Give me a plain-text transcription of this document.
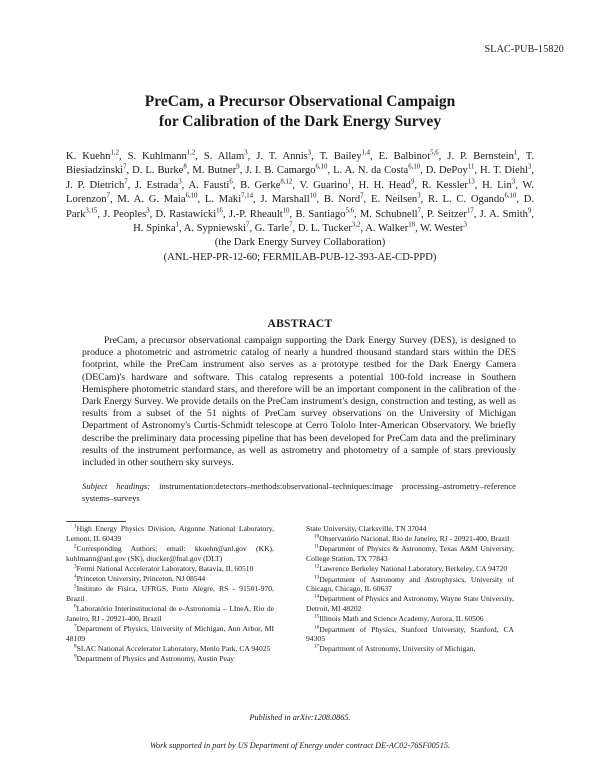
SLAC-PUB-15820
PreCam, a Precursor Observational Campaign
for Calibration of the Dark Energy Survey
K. Kuehn$^{1,2}$, S. Kuhlmann$^{1,2}$, S. Allam$^3$, J. T. Annis$^3$, T. Bailey$^{1,4}$, E. Balbinot$^{5,6}$, J. P. Bernstein$^1$, T. Biesiadzinski$^7$, D. L. Burke$^8$, M. Butner$^9$, J. I. B. Camargo$^{6,10}$, L. A. N. da Costa$^{6,10}$, D. DePoy$^{11}$, H. T. Diehl$^3$, J. P. Dietrich$^7$, J. Estrada$^3$, A. Fausti$^6$, B. Gerke$^{8,12}$, V. Guarino$^1$, H. H. Head$^9$, R. Kessler$^{13}$, H. Lin$^3$, W. Lorenzon$^7$, M. A. G. Maia$^{6,10}$, L. Maki$^{7,14}$, J. Marshall$^{10}$, B. Nord$^7$, E. Neilsen$^3$, R. L. C. Ogando$^{6,10}$, D. Park$^{3,15}$, J. Peoples$^3$, D. Rastawicki$^{16}$, J.-P. Rheault$^{10}$, B. Santiago$^{5,6}$, M. Schubnell$^7$, P. Seitzer$^{17}$, J. A. Smith$^9$, H. Spinka$^1$, A. Sypniewski$^7$, G. Tarle$^7$, D. L. Tucker$^{3,2}$, A. Walker$^{18}$, W. Wester$^3$
(the Dark Energy Survey Collaboration)
(ANL-HEP-PR-12-60; FERMILAB-PUB-12-393-AE-CD-PPD)
ABSTRACT
PreCam, a precursor observational campaign supporting the Dark Energy Survey (DES), is designed to produce a photometric and astrometric catalog of nearly a hundred thousand standard stars within the DES footprint, while the PreCam instrument also serves as a prototype testbed for the Dark Energy Camera (DECam)'s hardware and software. This catalog represents a potential 100-fold increase in Southern Hemisphere photometric standard stars, and therefore will be an important component in the calibration of the Dark Energy Survey. We provide details on the PreCam instrument's design, construction and testing, as well as results from a subset of the 51 nights of PreCam survey observations on the University of Michigan Department of Astronomy's Curtis-Schmidt telescope at Cerro Tololo Inter-American Observatory. We briefly describe the preliminary data processing pipeline that has been developed for PreCam data and the preliminary results of the instrument performance, as well as astrometry and photometry of a sample of stars previously included in other southern sky surveys.
Subject headings: instrumentation:detectors–methods:observational–techniques:image processing–astrometry–reference systems–surveys
$^1$High Energy Physics Division, Argonne National Laboratory, Lemont, IL 60439
$^2$Corresponding Authors; email: kkuehn@anl.gov (KK), kuhlmann@anl.gov (SK), dtucker@fnal.gov (DLT)
$^3$Fermi National Accelerator Laboratory, Batavia, IL 60510
$^4$Princeton University, Princeton, NJ 08544
$^5$Instituto de Física, UFRGS, Porto Alegre, RS - 91501-970, Brazil
$^6$Laboratório Interinstitucional de e-Astronomia – LIneA, Rio de Janeiro, RJ - 20921-400, Brazil
$^7$Department of Physics, University of Michigan, Ann Arbor, MI 48109
$^8$SLAC National Accelerator Laboratory, Menlo Park, CA 94025
$^9$Department of Physics and Astronomy, Austin Peay
State University, Clarksville, TN 37044
$^{10}$Observatório Nacional, Rio de Janeiro, RJ - 20921-400, Brazil
$^{11}$Department of Physics & Astronomy, Texas A&M University, College Station, TX 77843
$^{12}$Lawrence Berkeley National Laboratory, Berkeley, CA 94720
$^{13}$Department of Astronomy and Astrophysics, University of Chicago, Chicago, IL 60637
$^{14}$Department of Physics and Astronomy, Wayne State University, Detroit, MI 48202
$^{15}$Illinois Math and Science Academy, Aurora, IL 60506
$^{16}$Department of Physics, Stanford University, Stanford, CA 94305
$^{17}$Department of Astronomy, University of Michigan,
Published in arXiv:1208.0865.
Work supported in part by US Department of Energy under contract DE-AC02-76SF00515.
